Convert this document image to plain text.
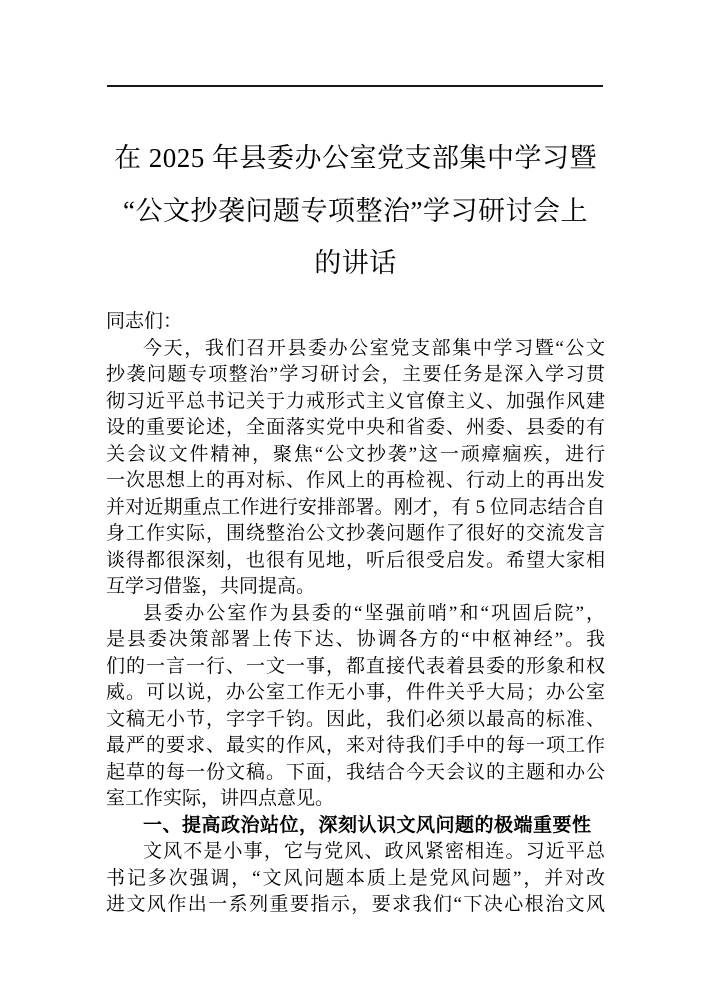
在 2025 年县委办公室党支部集中学习暨
“公文抄袭问题专项整治”学习研讨会上
的讲话
同志们：
今天，我们召开县委办公室党支部集中学习暨“公文
抄袭问题专项整治”学习研讨会，主要任务是深入学习贯
彻习近平总书记关于力戒形式主义官僚主义、加强作风建
设的重要论述，全面落实党中央和省委、州委、县委的有
关会议文件精神，聚焦“公文抄袭”这一顽瘴痼疾，进行
一次思想上的再对标、作风上的再检视、行动上的再出发
并对近期重点工作进行安排部署。刚才，有 5 位同志结合自
身工作实际，围绕整治公文抄袭问题作了很好的交流发言
谈得都很深刻，也很有见地，听后很受启发。希望大家相
互学习借鉴，共同提高。
县委办公室作为县委的“坚强前哨”和“巩固后院”，
是县委决策部署上传下达、协调各方的“中枢神经”。我
们的一言一行、一文一事，都直接代表着县委的形象和权
威。可以说，办公室工作无小事，件件关乎大局；办公室
文稿无小节，字字千钧。因此，我们必须以最高的标准、
最严的要求、最实的作风，来对待我们手中的每一项工作
起草的每一份文稿。下面，我结合今天会议的主题和办公
室工作实际，讲四点意见。
一、提高政治站位，深刻认识文风问题的极端重要性
文风不是小事，它与党风、政风紧密相连。习近平总
书记多次强调，“文风问题本质上是党风问题”，并对改
进文风作出一系列重要指示，要求我们“下决心根治文风
